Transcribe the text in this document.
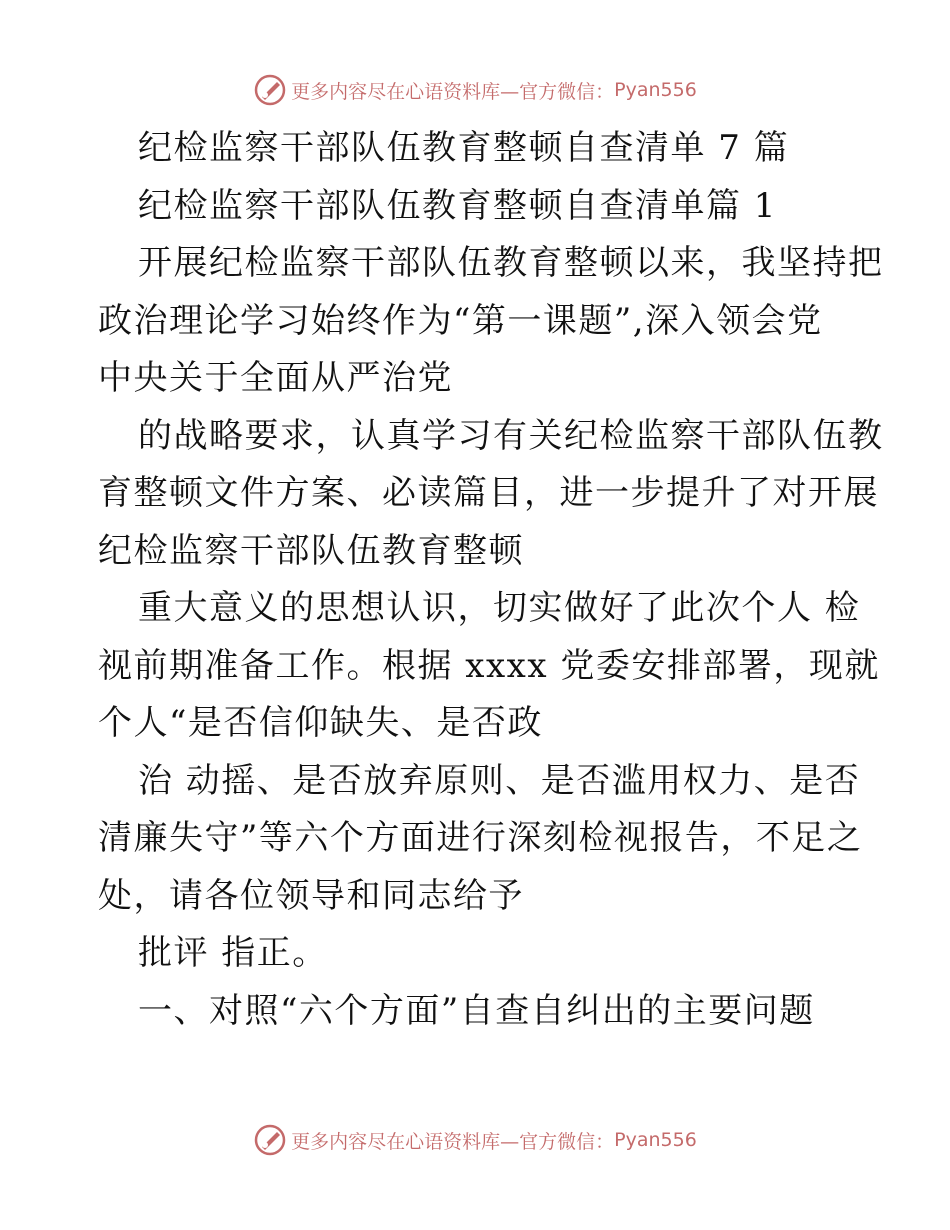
更多内容尽在心语资料库—官方微信： Pyan556
纪检监察干部队伍教育整顿自查清单 7 篇
纪检监察干部队伍教育整顿自查清单篇 1
开展纪检监察干部队伍教育整顿以来，我坚持把
政治理论学习始终作为“第一课题”,深入领会党
中央关于全面从严治党
的战略要求，认真学习有关纪检监察干部队伍教
育整顿文件方案、必读篇目，进一步提升了对开展
纪检监察干部队伍教育整顿
重大意义的思想认识，切实做好了此次个人 检
视前期准备工作。根据 xxxx 党委安排部署，现就
个人“是否信仰缺失、是否政
治 动摇、是否放弃原则、是否滥用权力、是否
清廉失守”等六个方面进行深刻检视报告，不足之
处，请各位领导和同志给予
批评 指正。
一、对照“六个方面”自查自纠出的主要问题
更多内容尽在心语资料库—官方微信： Pyan556
